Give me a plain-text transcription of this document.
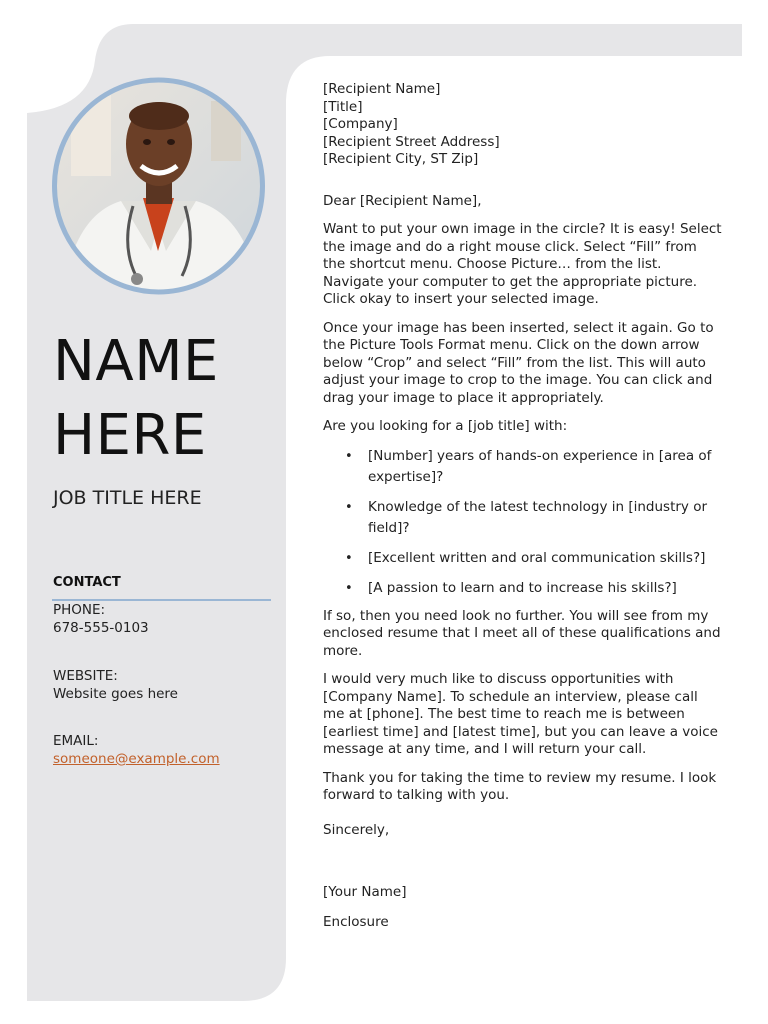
NAME
HERE
JOB TITLE HERE
CONTACT
PHONE:
678-555-0103
WEBSITE:
Website goes here
EMAIL:
someone@example.com

[Recipient Name]
[Title]
[Company]
[Recipient Street Address]
[Recipient City, ST Zip]

Dear [Recipient Name],

Want to put your own image in the circle? It is easy! Select the image and do a right mouse click. Select “Fill” from the shortcut menu. Choose Picture… from the list. Navigate your computer to get the appropriate picture. Click okay to insert your selected image.

Once your image has been inserted, select it again. Go to the Picture Tools Format menu. Click on the down arrow below “Crop” and select “Fill” from the list. This will auto adjust your image to crop to the image. You can click and drag your image to place it appropriately.

Are you looking for a [job title] with:

• [Number] years of hands-on experience in [area of expertise]?
• Knowledge of the latest technology in [industry or field]?
• [Excellent written and oral communication skills?]
• [A passion to learn and to increase his skills?]

If so, then you need look no further. You will see from my enclosed resume that I meet all of these qualifications and more.

I would very much like to discuss opportunities with [Company Name]. To schedule an interview, please call me at [phone]. The best time to reach me is between [earliest time] and [latest time], but you can leave a voice message at any time, and I will return your call.

Thank you for taking the time to review my resume. I look forward to talking with you.

Sincerely,

[Your Name]

Enclosure
